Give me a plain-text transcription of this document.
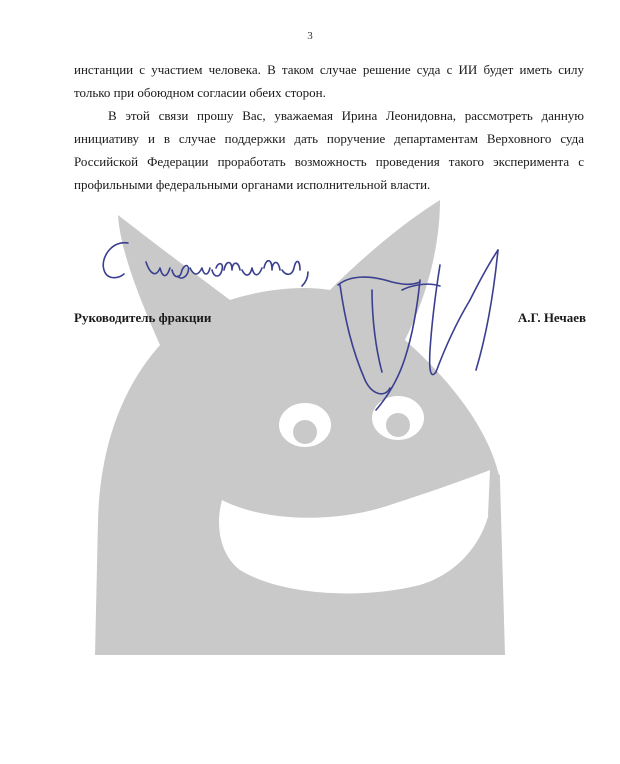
3

инстанции с участием человека. В таком случае решение суда с ИИ будет иметь силу только при обоюдном согласии обеих сторон.

В этой связи прошу Вас, уважаемая Ирина Леонидовна, рассмотреть данную инициативу и в случае поддержки дать поручение департаментам Верховного суда Российской Федерации проработать возможность проведения такого эксперимента с профильными федеральными органами исполнительной власти.

Руководитель фракции	А.Г. Нечаев
